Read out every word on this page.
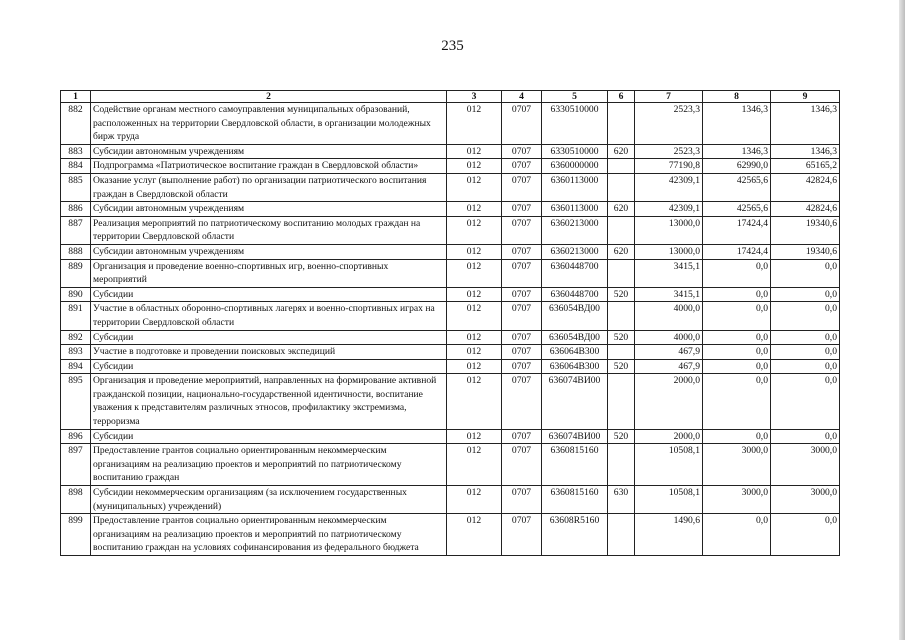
235
1	2	3	4	5	6	7	8	9
882	Содействие органам местного самоуправления муниципальных образований, расположенных на территории Свердловской области, в организации молодежных бирж труда	012	0707	6330510000		2523,3	1346,3	1346,3
883	Субсидии автономным учреждениям	012	0707	6330510000	620	2523,3	1346,3	1346,3
884	Подпрограмма «Патриотическое воспитание граждан в Свердловской области»	012	0707	6360000000		77190,8	62990,0	65165,2
885	Оказание услуг (выполнение работ) по организации патриотического воспитания граждан в Свердловской области	012	0707	6360113000		42309,1	42565,6	42824,6
886	Субсидии автономным учреждениям	012	0707	6360113000	620	42309,1	42565,6	42824,6
887	Реализация мероприятий по патриотическому воспитанию молодых граждан на территории Свердловской области	012	0707	6360213000		13000,0	17424,4	19340,6
888	Субсидии автономным учреждениям	012	0707	6360213000	620	13000,0	17424,4	19340,6
889	Организация и проведение военно-спортивных игр, военно-спортивных мероприятий	012	0707	6360448700		3415,1	0,0	0,0
890	Субсидии	012	0707	6360448700	520	3415,1	0,0	0,0
891	Участие в областных оборонно-спортивных лагерях и военно-спортивных играх на территории Свердловской области	012	0707	636054ВД00		4000,0	0,0	0,0
892	Субсидии	012	0707	636054ВД00	520	4000,0	0,0	0,0
893	Участие в подготовке и проведении поисковых экспедиций	012	0707	636064В300		467,9	0,0	0,0
894	Субсидии	012	0707	636064В300	520	467,9	0,0	0,0
895	Организация и проведение мероприятий, направленных на формирование активной гражданской позиции, национально-государственной идентичности, воспитание уважения к представителям различных этносов, профилактику экстремизма, терроризма	012	0707	636074ВИ00		2000,0	0,0	0,0
896	Субсидии	012	0707	636074ВИ00	520	2000,0	0,0	0,0
897	Предоставление грантов социально ориентированным некоммерческим организациям на реализацию проектов и мероприятий по патриотическому воспитанию граждан	012	0707	6360815160		10508,1	3000,0	3000,0
898	Субсидии некоммерческим организациям (за исключением государственных (муниципальных) учреждений)	012	0707	6360815160	630	10508,1	3000,0	3000,0
899	Предоставление грантов социально ориентированным некоммерческим организациям на реализацию проектов и мероприятий по патриотическому воспитанию граждан на условиях софинансирования из федерального бюджета	012	0707	63608R5160		1490,6	0,0	0,0
